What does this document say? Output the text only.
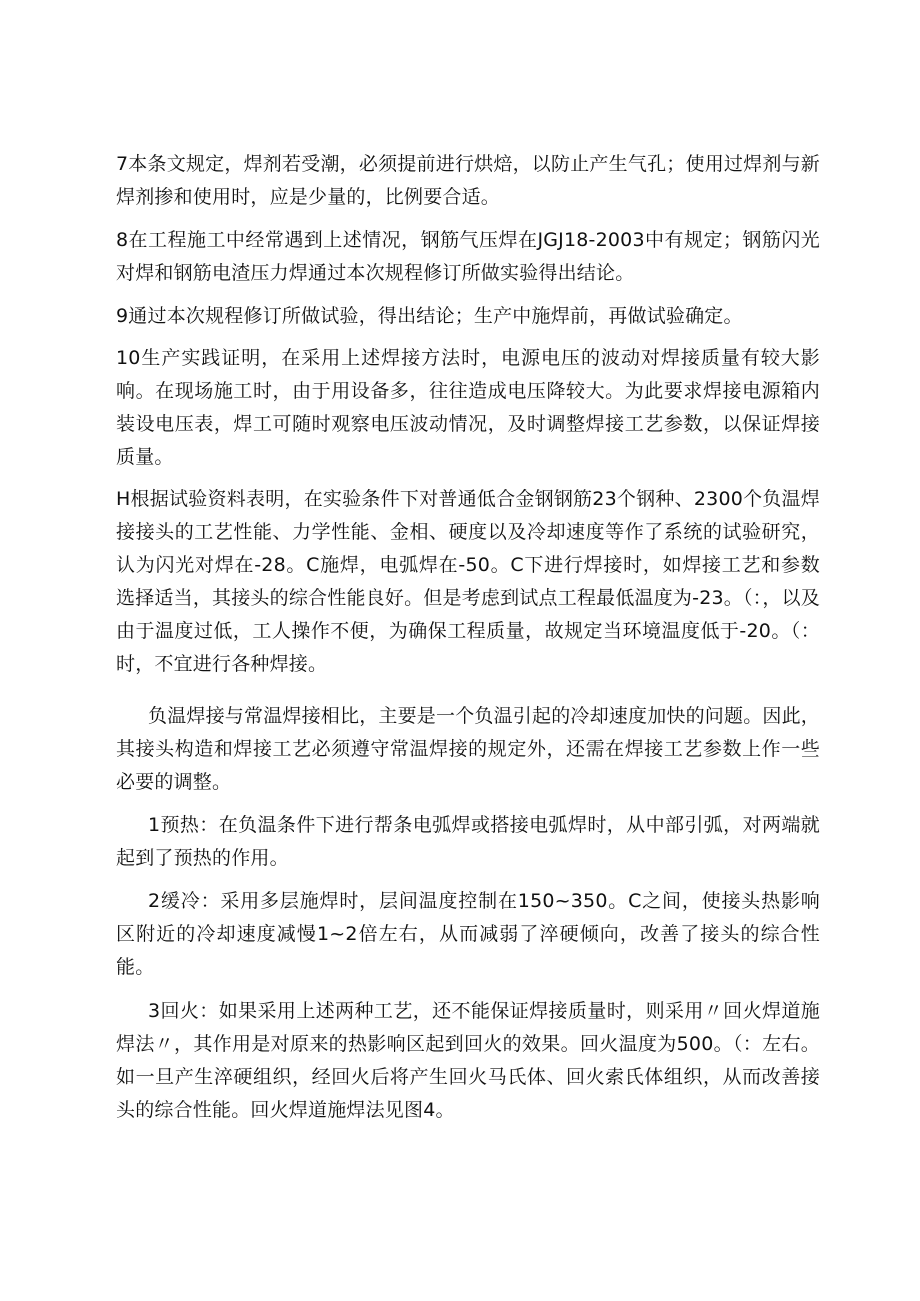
7本条文规定，焊剂若受潮，必须提前进行烘焙，以防止产生气孔；使用过焊剂与新焊剂掺和使用时，应是少量的，比例要合适。

8在工程施工中经常遇到上述情况，钢筋气压焊在JGJ18-2003中有规定；钢筋闪光对焊和钢筋电渣压力焊通过本次规程修订所做实验得出结论。

9通过本次规程修订所做试验，得出结论；生产中施焊前，再做试验确定。

10生产实践证明，在采用上述焊接方法时，电源电压的波动对焊接质量有较大影响。在现场施工时，由于用设备多，往往造成电压降较大。为此要求焊接电源箱内装设电压表，焊工可随时观察电压波动情况，及时调整焊接工艺参数，以保证焊接质量。

H根据试验资料表明，在实验条件下对普通低合金钢钢筋23个钢种、2300个负温焊接接头的工艺性能、力学性能、金相、硬度以及冷却速度等作了系统的试验研究，认为闪光对焊在-28。C施焊，电弧焊在-50。C下进行焊接时，如焊接工艺和参数选择适当，其接头的综合性能良好。但是考虑到试点工程最低温度为-23。（：，以及由于温度过低，工人操作不便，为确保工程质量，故规定当环境温度低于-20。（：时，不宜进行各种焊接。

负温焊接与常温焊接相比，主要是一个负温引起的冷却速度加快的问题。因此，其接头构造和焊接工艺必须遵守常温焊接的规定外，还需在焊接工艺参数上作一些必要的调整。

1预热：在负温条件下进行帮条电弧焊或搭接电弧焊时，从中部引弧，对两端就起到了预热的作用。

2缓冷：采用多层施焊时，层间温度控制在150~350。C之间，使接头热影响区附近的冷却速度减慢1~2倍左右，从而减弱了淬硬倾向，改善了接头的综合性能。

3回火：如果采用上述两种工艺，还不能保证焊接质量时，则采用〃回火焊道施焊法〃，其作用是对原来的热影响区起到回火的效果。回火温度为500。（：左右。如一旦产生淬硬组织，经回火后将产生回火马氏体、回火索氏体组织，从而改善接头的综合性能。回火焊道施焊法见图4。
